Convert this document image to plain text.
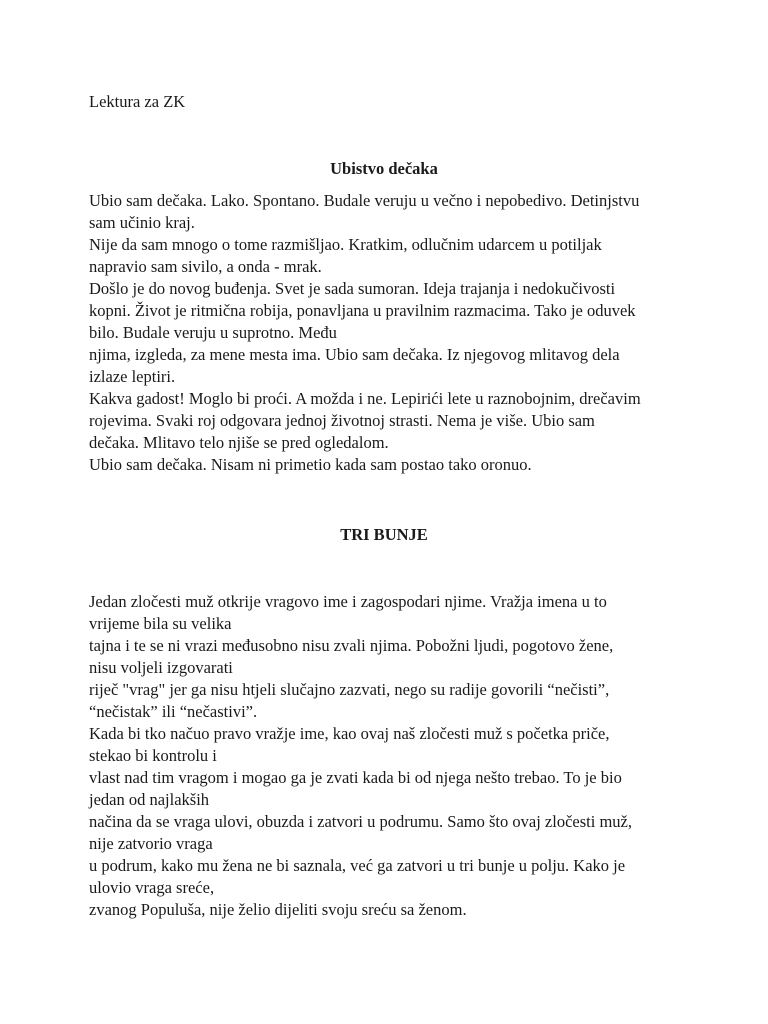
Lektura za ZK

Ubistvo dečaka
Ubio sam dečaka. Lako. Spontano. Budale veruju u večno i nepobedivo. Detinjstvu
sam učinio kraj.
Nije da sam mnogo o tome razmišljao. Kratkim, odlučnim udarcem u potiljak
napravio sam sivilo, a onda - mrak.
Došlo je do novog buđenja. Svet je sada sumoran. Ideja trajanja i nedokučivosti
kopni. Život je ritmična robija, ponavljana u pravilnim razmacima. Tako je oduvek
bilo. Budale veruju u suprotno. Među
njima, izgleda, za mene mesta ima. Ubio sam dečaka. Iz njegovog mlitavog dela
izlaze leptiri.
Kakva gadost! Moglo bi proći. A možda i ne. Lepirići lete u raznobojnim, drečavim
rojevima. Svaki roj odgovara jednoj životnoj strasti. Nema je više. Ubio sam
dečaka. Mlitavo telo njiše se pred ogledalom.
Ubio sam dečaka. Nisam ni primetio kada sam postao tako oronuo.
TRI BUNJE
Jedan zločesti muž otkrije vragovo ime i zagospodari njime. Vražja imena u to
vrijeme bila su velika
tajna i te se ni vrazi međusobno nisu zvali njima. Pobožni ljudi, pogotovo žene,
nisu voljeli izgovarati
riječ "vrag" jer ga nisu htjeli slučajno zazvati, nego su radije govorili “nečisti”,
“nečistak” ili “nečastivi”.
Kada bi tko načuo pravo vražje ime, kao ovaj naš zločesti muž s početka priče,
stekao bi kontrolu i
vlast nad tim vragom i mogao ga je zvati kada bi od njega nešto trebao. To je bio
jedan od najlakših
načina da se vraga ulovi, obuzda i zatvori u podrumu. Samo što ovaj zločesti muž,
nije zatvorio vraga
u podrum, kako mu žena ne bi saznala, već ga zatvori u tri bunje u polju. Kako je
ulovio vraga sreće,
zvanog Populuša, nije želio dijeliti svoju sreću sa ženom.
